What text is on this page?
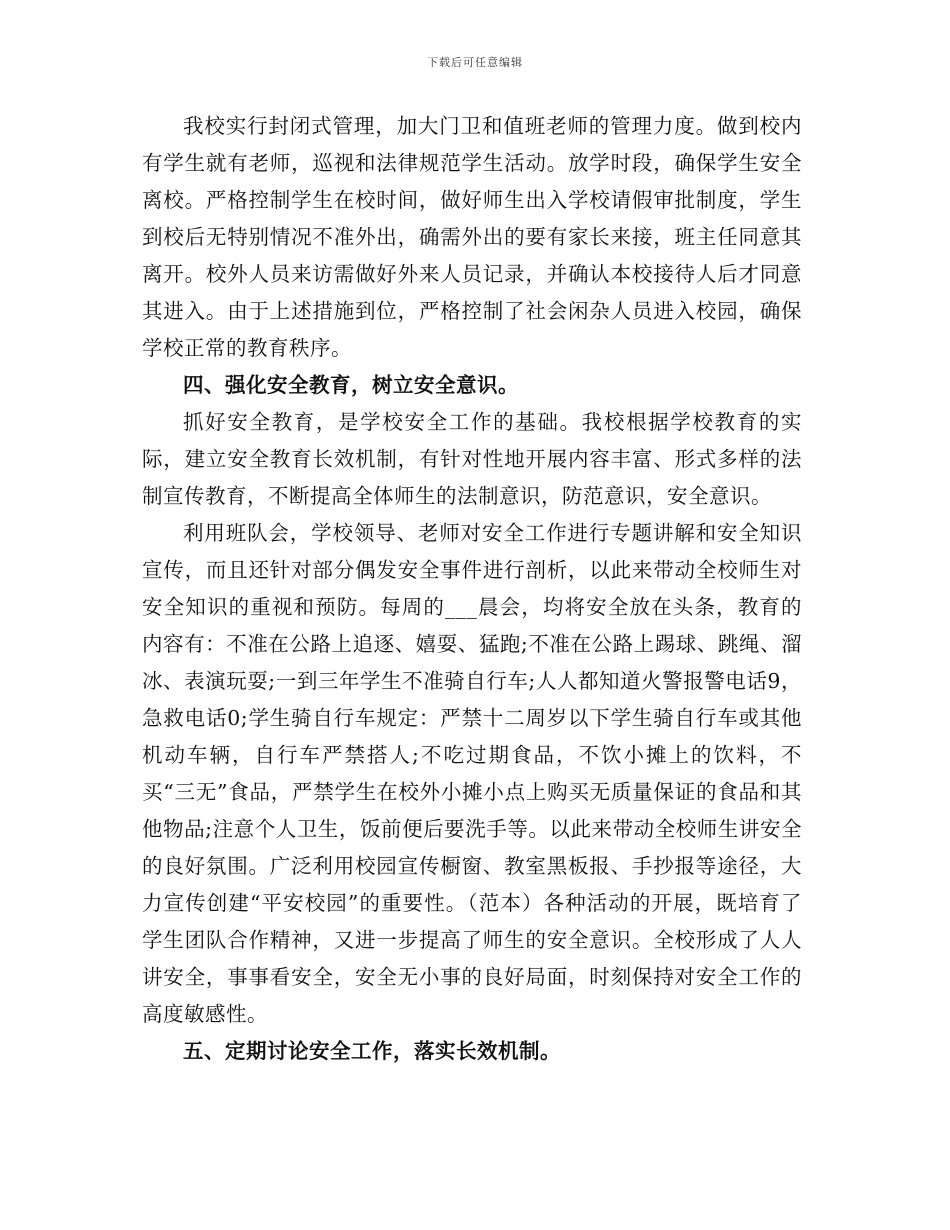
下载后可任意编辑

我校实行封闭式管理，加大门卫和值班老师的管理力度。做到校内有学生就有老师，巡视和法律规范学生活动。放学时段，确保学生安全离校。严格控制学生在校时间，做好师生出入学校请假审批制度，学生到校后无特别情况不准外出，确需外出的要有家长来接，班主任同意其离开。校外人员来访需做好外来人员记录，并确认本校接待人后才同意其进入。由于上述措施到位，严格控制了社会闲杂人员进入校园，确保学校正常的教育秩序。

四、强化安全教育，树立安全意识。

抓好安全教育，是学校安全工作的基础。我校根据学校教育的实际，建立安全教育长效机制，有针对性地开展内容丰富、形式多样的法制宣传教育，不断提高全体师生的法制意识，防范意识，安全意识。

利用班队会，学校领导、老师对安全工作进行专题讲解和安全知识宣传，而且还针对部分偶发安全事件进行剖析，以此来带动全校师生对安全知识的重视和预防。每周的___晨会，均将安全放在头条，教育的内容有：不准在公路上追逐、嬉耍、猛跑;不准在公路上踢球、跳绳、溜冰、表演玩耍;一到三年学生不准骑自行车;人人都知道火警报警电话9，急救电话0;学生骑自行车规定：严禁十二周岁以下学生骑自行车或其他机动车辆，自行车严禁搭人;不吃过期食品，不饮小摊上的饮料，不买“三无”食品，严禁学生在校外小摊小点上购买无质量保证的食品和其他物品;注意个人卫生，饭前便后要洗手等。以此来带动全校师生讲安全的良好氛围。广泛利用校园宣传橱窗、教室黑板报、手抄报等途径，大力宣传创建“平安校园”的重要性。（范本）各种活动的开展，既培育了学生团队合作精神，又进一步提高了师生的安全意识。全校形成了人人讲安全，事事看安全，安全无小事的良好局面，时刻保持对安全工作的高度敏感性。

五、定期讨论安全工作，落实长效机制。
